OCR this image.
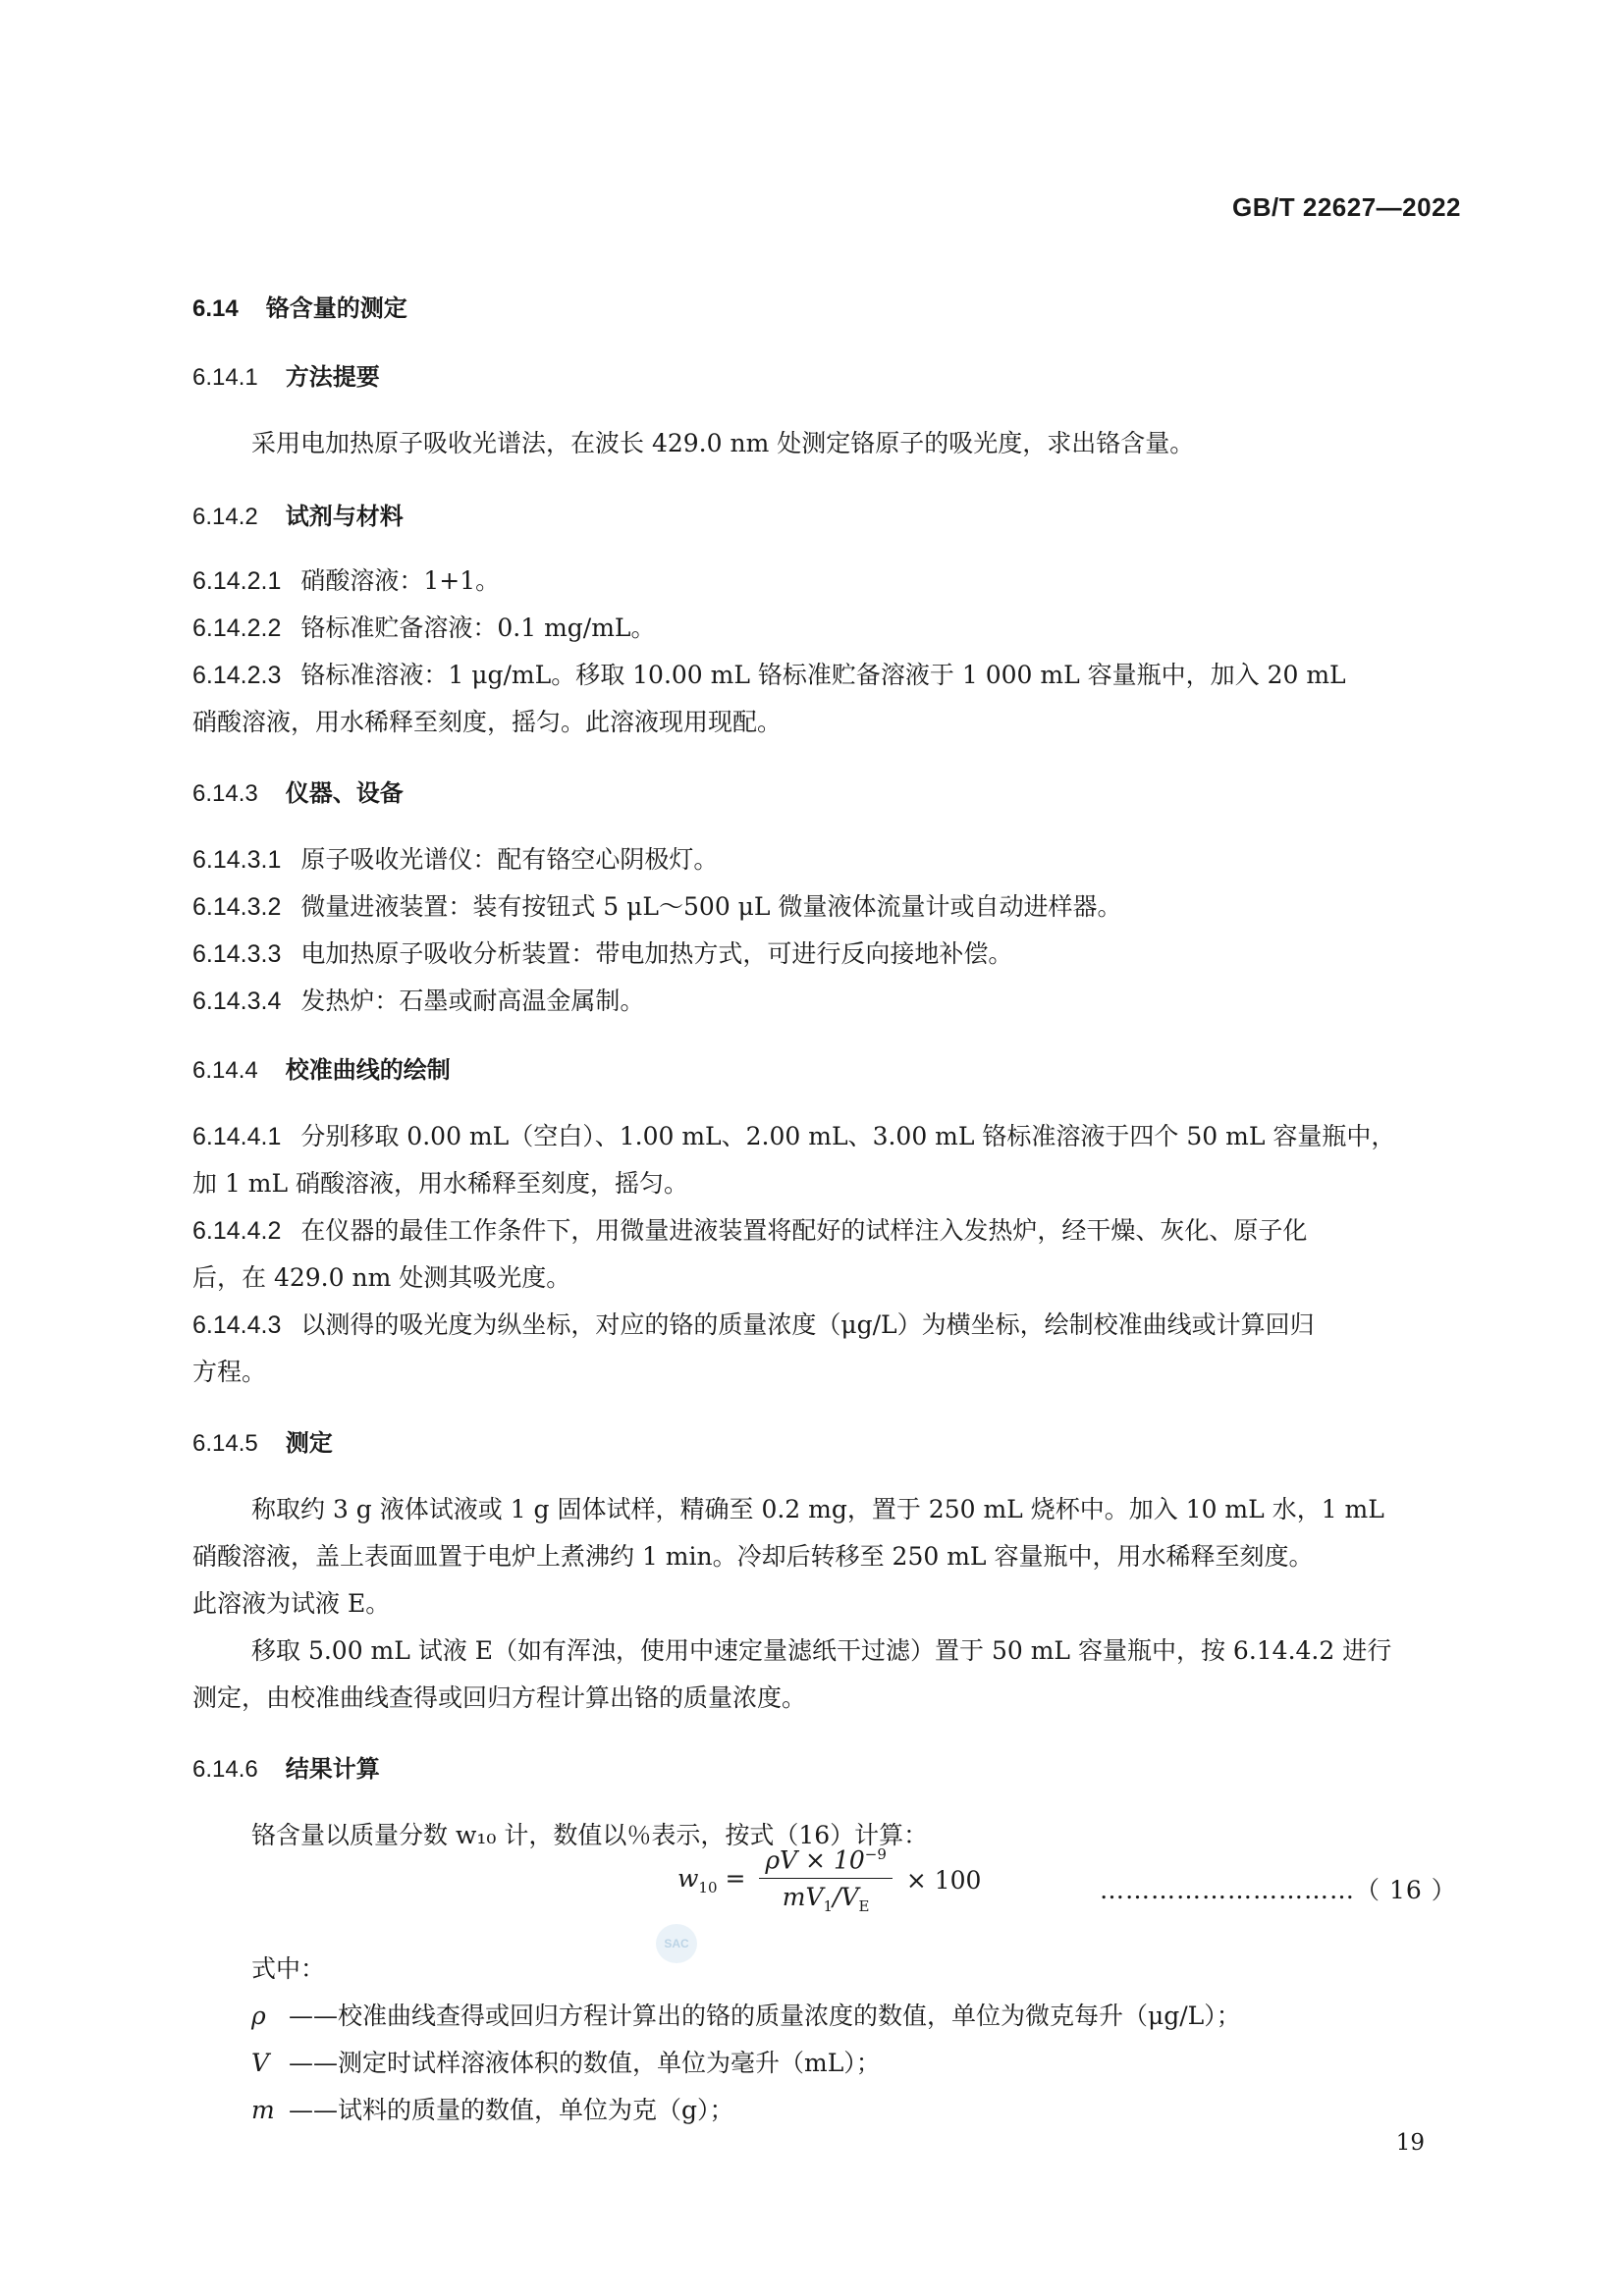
GB/T 22627—2022
6.14 铬含量的测定
6.14.1 方法提要
采用电加热原子吸收光谱法，在波长 429.0 nm 处测定铬原子的吸光度，求出铬含量。
6.14.2 试剂与材料
6.14.2.1 硝酸溶液：1+1。
6.14.2.2 铬标准贮备溶液：0.1 mg/mL。
6.14.2.3 铬标准溶液：1 μg/mL。移取 10.00 mL 铬标准贮备溶液于 1 000 mL 容量瓶中，加入 20 mL
硝酸溶液，用水稀释至刻度，摇匀。此溶液现用现配。
6.14.3 仪器、设备
6.14.3.1 原子吸收光谱仪：配有铬空心阴极灯。
6.14.3.2 微量进液装置：装有按钮式 5 μL～500 μL 微量液体流量计或自动进样器。
6.14.3.3 电加热原子吸收分析装置：带电加热方式，可进行反向接地补偿。
6.14.3.4 发热炉：石墨或耐高温金属制。
6.14.4 校准曲线的绘制
6.14.4.1 分别移取 0.00 mL（空白）、1.00 mL、2.00 mL、3.00 mL 铬标准溶液于四个 50 mL 容量瓶中，
加 1 mL 硝酸溶液，用水稀释至刻度，摇匀。
6.14.4.2 在仪器的最佳工作条件下，用微量进液装置将配好的试样注入发热炉，经干燥、灰化、原子化
后，在 429.0 nm 处测其吸光度。
6.14.4.3 以测得的吸光度为纵坐标，对应的铬的质量浓度（μg/L）为横坐标，绘制校准曲线或计算回归
方程。
6.14.5 测定
称取约 3 g 液体试液或 1 g 固体试样，精确至 0.2 mg，置于 250 mL 烧杯中。加入 10 mL 水，1 mL
硝酸溶液，盖上表面皿置于电炉上煮沸约 1 min。冷却后转移至 250 mL 容量瓶中，用水稀释至刻度。
此溶液为试液 E。
移取 5.00 mL 试液 E（如有浑浊，使用中速定量滤纸干过滤）置于 50 mL 容量瓶中，按 6.14.4.2 进行
测定，由校准曲线查得或回归方程计算出铬的质量浓度。
6.14.6 结果计算
铬含量以质量分数 w₁₀ 计，数值以％表示，按式（16）计算：
$w_{10} = \frac{\rho V \times 10^{-9}}{mV_1/V_E} \times 100$	…………………………（ 16 ）
SAC
式中：
ρ ——校准曲线查得或回归方程计算出的铬的质量浓度的数值，单位为微克每升（μg/L）；
V ——测定时试样溶液体积的数值，单位为毫升（mL）；
m ——试料的质量的数值，单位为克（g）；
19
